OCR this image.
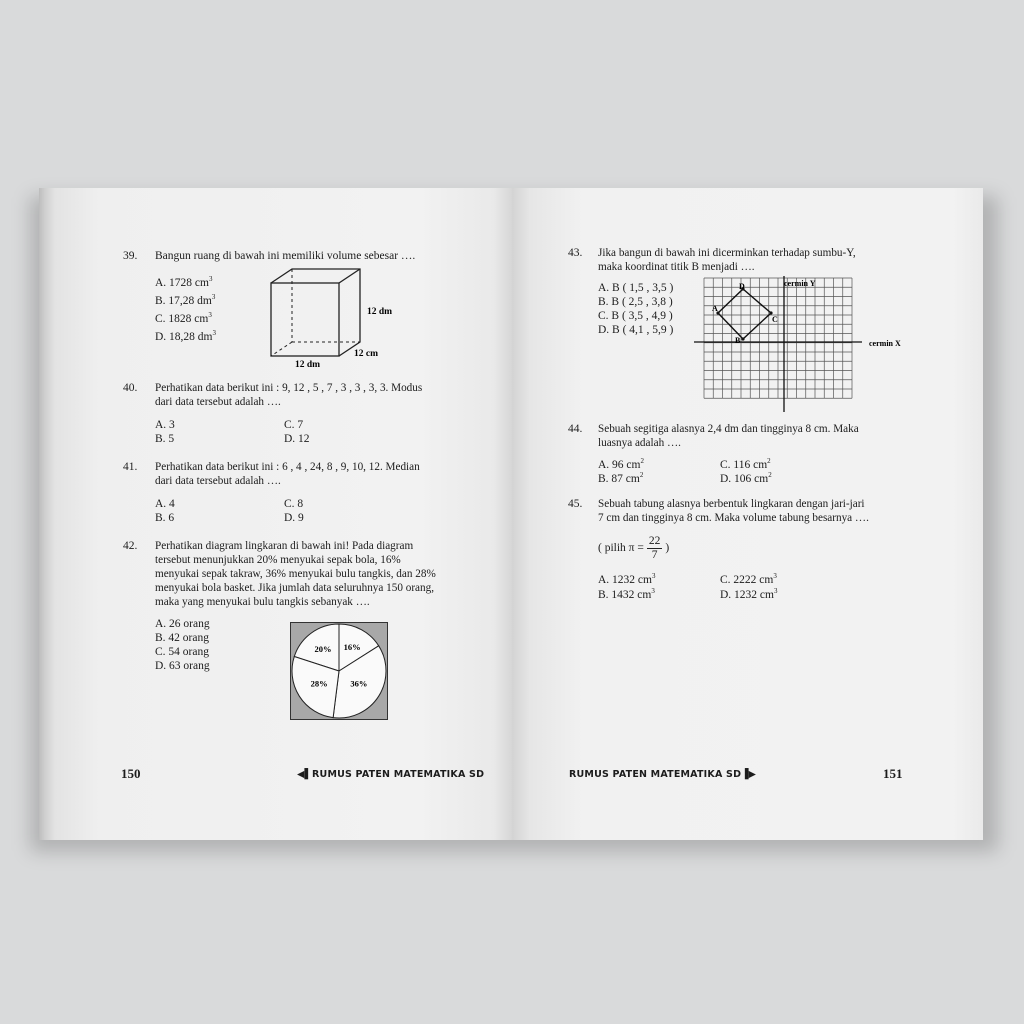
39. Bangun ruang di bawah ini memiliki volume sebesar ….
A. 1728 $cm^3$
B. 17,28 $dm^3$
C. 1828 $cm^3$
D. 18,28 $dm^3$
12 dm
12 dm
12 cm
40. Perhatikan data berikut ini : 9, 12 , 5 , 7 , 3 , 3 , 3, 3. Modus
dari data tersebut adalah ….
A. 3
B. 5
C. 7
D. 12
41. Perhatikan data berikut ini : 6 , 4 , 24, 8 , 9, 10, 12. Median
dari data tersebut adalah ….
A. 4
B. 6
C. 8
D. 9
42. Perhatikan diagram lingkaran di bawah ini! Pada diagram
tersebut menunjukkan 20% menyukai sepak bola, 16%
menyukai sepak takraw, 36% menyukai bulu tangkis, dan 28%
menyukai bola basket. Jika jumlah data seluruhnya 150 orang,
maka yang menyukai bulu tangkis sebanyak ….
A. 26 orang
B. 42 orang
C. 54 orang
D. 63 orang
20% 16%
36%
28%
150	◀▌RUMUS PATEN MATEMATIKA SD
43. Jika bangun di bawah ini dicerminkan terhadap sumbu-Y,
maka koordinat titik B menjadi ….
A. B ( 1,5 , 3,5 )
B. B ( 2,5 , 3,8 )
C. B ( 3,5 , 4,9 )
D. B ( 4,1 , 5,9 )
D
C
B
A
cermin Y
cermin X
44. Sebuah segitiga alasnya 2,4 dm dan tingginya 8 cm. Maka
luasnya adalah ….
A. 96 $cm^2$
B. 87 $cm^2$
C. 116 $cm^2$
D. 106 $cm^2$
45. Sebuah tabung alasnya berbentuk lingkaran dengan jari-jari
7 cm dan tingginya 8 cm. Maka volume tabung besarnya ….
( pilih $\pi = \frac{22}{7}$ )
A. 1232 $cm^3$
B. 1432 $cm^3$
C. 2222 $cm^3$
D. 1232 $cm^3$
RUMUS PATEN MATEMATIKA SD▐▶	151
